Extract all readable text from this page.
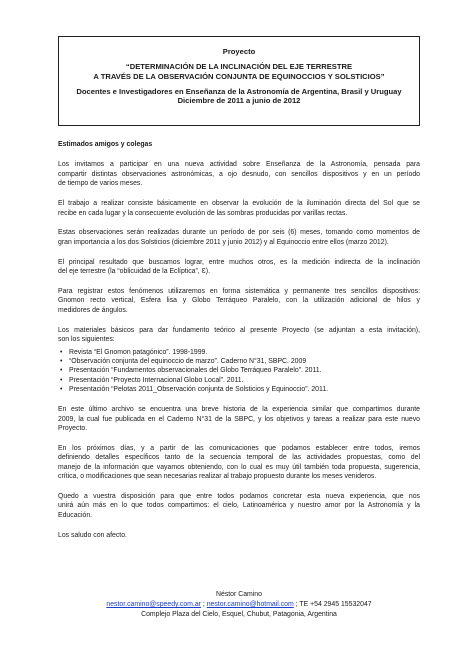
Proyecto
“DETERMINACIÓN DE LA INCLINACIÓN DEL EJE TERRESTRE
A TRAVÉS DE LA OBSERVACIÓN CONJUNTA DE EQUINOCCIOS Y SOLSTICIOS”
Docentes e Investigadores en Enseñanza de la Astronomía de Argentina, Brasil y Uruguay
Diciembre de 2011 a junio de 2012

Estimados amigos y colegas

Los invitamos a participar en una nueva actividad sobre Enseñanza de la Astronomía, pensada para
compartir distintas observaciones astronómicas, a ojo desnudo, con sencillos dispositivos y en un período
de tiempo de varios meses.

El trabajo a realizar consiste básicamente en observar la evolución de la iluminación directa del Sol que se
recibe en cada lugar y la consecuente evolución de las sombras producidas por varillas rectas.

Estas observaciones serán realizadas durante un período de por seis (6) meses, tomando como momentos de
gran importancia a los dos Solsticios (diciembre 2011 y junio 2012) y al Equinoccio entre ellos (marzo 2012).

El principal resultado que buscamos lograr, entre muchos otros, es la medición indirecta de la inclinación
del eje terrestre (la “oblicuidad de la Eclíptica”, Ɛ).

Para registrar estos fenómenos utilizaremos en forma sistemática y permanente tres sencillos dispositivos:
Gnomon recto vertical, Esfera lisa y Globo Terráqueo Paralelo, con la utilización adicional de hilos y
medidores de ángulos.

Los materiales básicos para dar fundamento teórico al presente Proyecto (se adjuntan a esta invitación),
son los siguientes:

• Revista “El Gnomon patagónico”. 1998-1999.
• “Observación conjunta del equinoccio de marzo”. Caderno N°31, SBPC. 2009
• Presentación “Fundamentos observacionales del Globo Terráqueo Paralelo”. 2011.
• Presentación “Proyecto Internacional Globo Local”. 2011.
• Presentación “Pelotas 2011_Observación conjunta de Solsticios y Equinoccio”. 2011.

En este último archivo se encuentra una breve historia de la experiencia similar que compartimos durante
2009, la cual fue publicada en el Caderno N°31 de la SBPC, y los objetivos y tareas a realizar para este nuevo
Proyecto.

En los próximos días, y a partir de las comunicaciones que podamos establecer entre todos, iremos
definiendo detalles específicos tanto de la secuencia temporal de las actividades propuestas, como del
manejo de la información que vayamos obteniendo, con lo cual es muy útil también toda propuesta, sugerencia,
crítica, o modificaciones que sean necesarias realizar al trabajo propuesto durante los meses venideros.

Quedo a vuestra disposición para que entre todos podamos concretar esta nueva experiencia, que nos
unirá aún más en lo que todos compartimos: el cielo, Latinoamérica y nuestro amor por la Astronomía y la
Educación.

Los saludo con afecto.

Néstor Camino
nestor.camino@speedy.com.ar ; nestor.camino@hotmail.com ; TE +54 2945 15532047
Complejo Plaza del Cielo, Esquel, Chubut, Patagonia, Argentina
